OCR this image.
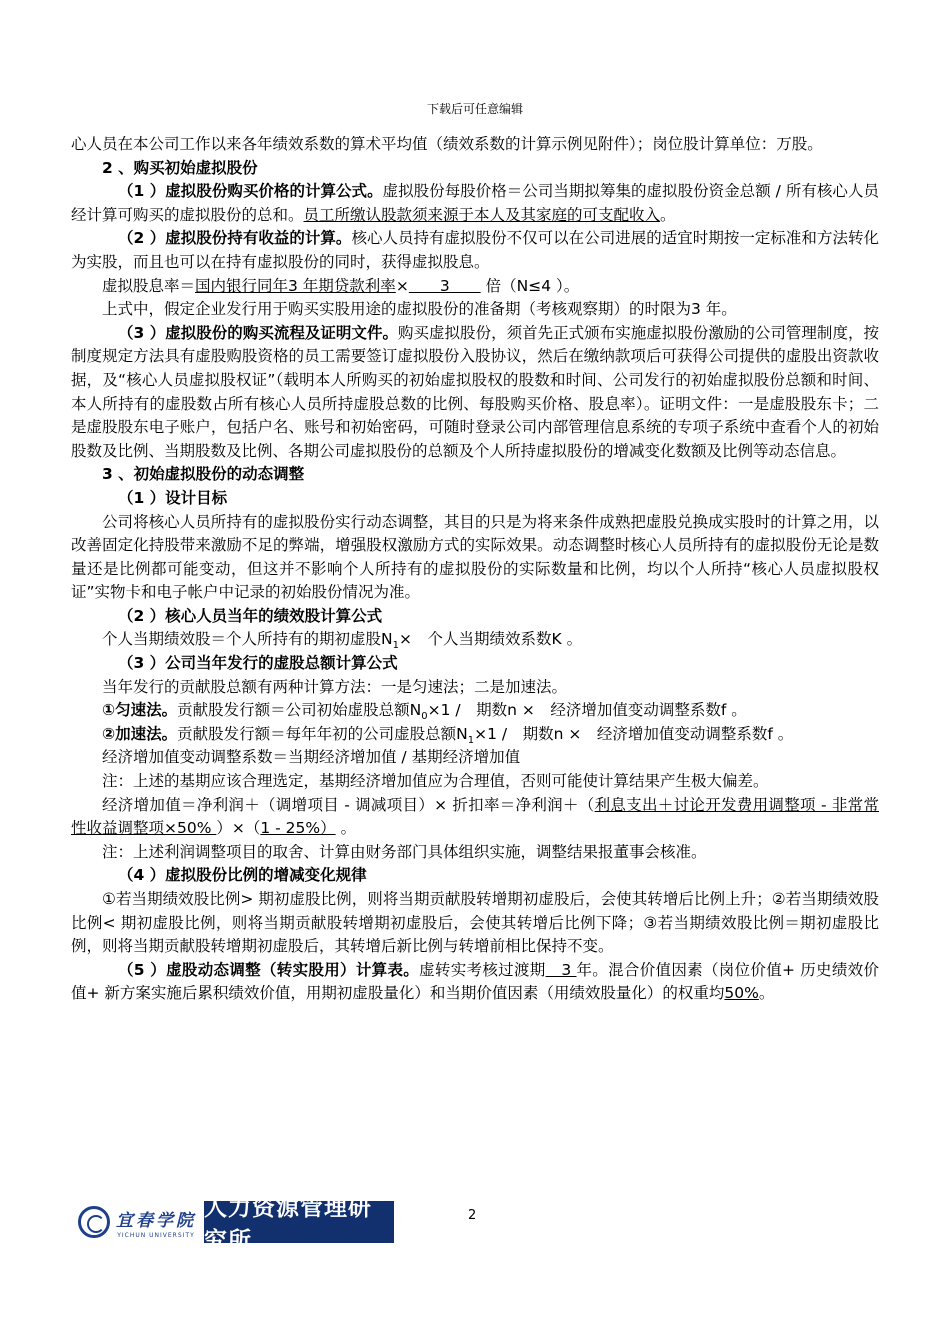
下载后可任意编辑

心人员在本公司工作以来各年绩效系数的算术平均值（绩效系数的计算示例见附件）；岗位股计算单位：万股。

2 、购买初始虚拟股份

（1 ）虚拟股份购买价格的计算公式。虚拟股份每股价格＝公司当期拟筹集的虚拟股份资金总额 / 所有核心人员经计算可购买的虚拟股份的总和。员工所缴认股款须来源于本人及其家庭的可支配收入。

（2 ）虚拟股份持有收益的计算。核心人员持有虚拟股份不仅可以在公司进展的适宜时期按一定标准和方法转化为实股，而且也可以在持有虚拟股份的同时，获得虚拟股息。

虚拟股息率＝国内银行同年3 年期贷款利率×　　3　　 倍（N≤4 ）。

上式中，假定企业发行用于购买实股用途的虚拟股份的准备期（考核观察期）的时限为3 年。

（3 ）虚拟股份的购买流程及证明文件。购买虚拟股份，须首先正式颁布实施虚拟股份激励的公司管理制度，按制度规定方法具有虚股购股资格的员工需要签订虚拟股份入股协议，然后在缴纳款项后可获得公司提供的虚股出资款收据，及“核心人员虚拟股权证”（载明本人所购买的初始虚拟股权的股数和时间、公司发行的初始虚拟股份总额和时间、本人所持有的虚股数占所有核心人员所持虚股总数的比例、每股购买价格、股息率）。证明文件：一是虚股股东卡；二是虚股股东电子账户，包括户名、账号和初始密码，可随时登录公司内部管理信息系统的专项子系统中查看个人的初始股数及比例、当期股数及比例、各期公司虚拟股份的总额及个人所持虚拟股份的增减变化数额及比例等动态信息。

3 、初始虚拟股份的动态调整

（1 ）设计目标

公司将核心人员所持有的虚拟股份实行动态调整，其目的只是为将来条件成熟把虚股兑换成实股时的计算之用，以改善固定化持股带来激励不足的弊端，增强股权激励方式的实际效果。动态调整时核心人员所持有的虚拟股份无论是数量还是比例都可能变动，但这并不影响个人所持有的虚拟股份的实际数量和比例，均以个人所持“核心人员虚拟股权证”实物卡和电子帐户中记录的初始股份情况为准。

（2 ）核心人员当年的绩效股计算公式

个人当期绩效股＝个人所持有的期初虚股$N_1\times$　个人当期绩效系数K 。

（3 ）公司当年发行的虚股总额计算公式

当年发行的贡献股总额有两种计算方法：一是匀速法；二是加速法。

①匀速法。贡献股发行额＝公司初始虚股总额$N_0\times 1$ /　期数n ×　经济增加值变动调整系数f 。

②加速法。贡献股发行额＝每年年初的公司虚股总额$N_1\times 1$ /　期数n ×　经济增加值变动调整系数f 。

经济增加值变动调整系数＝当期经济增加值 / 基期经济增加值

注：上述的基期应该合理选定，基期经济增加值应为合理值，否则可能使计算结果产生极大偏差。

经济增加值＝净利润＋（调增项目 - 调减项目）× 折扣率＝净利润＋（利息支出＋讨论开发费用调整项 - 非常常性收益调整项×50% ）×（1 - 25%） 。

注：上述利润调整项目的取舍、计算由财务部门具体组织实施，调整结果报董事会核准。

（4 ）虚拟股份比例的增减变化规律

①若当期绩效股比例> 期初虚股比例，则将当期贡献股转增期初虚股后，会使其转增后比例上升；②若当期绩效股比例< 期初虚股比例，则将当期贡献股转增期初虚股后，会使其转增后比例下降；③若当期绩效股比例＝期初虚股比例，则将当期贡献股转增期初虚股后，其转增后新比例与转增前相比保持不变。

（5 ）虚股动态调整（转实股用）计算表。虚转实考核过渡期　3 年。混合价值因素（岗位价值+ 历史绩效价值+ 新方案实施后累积绩效价值，用期初虚股量化）和当期价值因素（用绩效股量化）的权重均50%。

2
宜春学院
YICHUN UNIVERSITY
人力资源管理研究所
